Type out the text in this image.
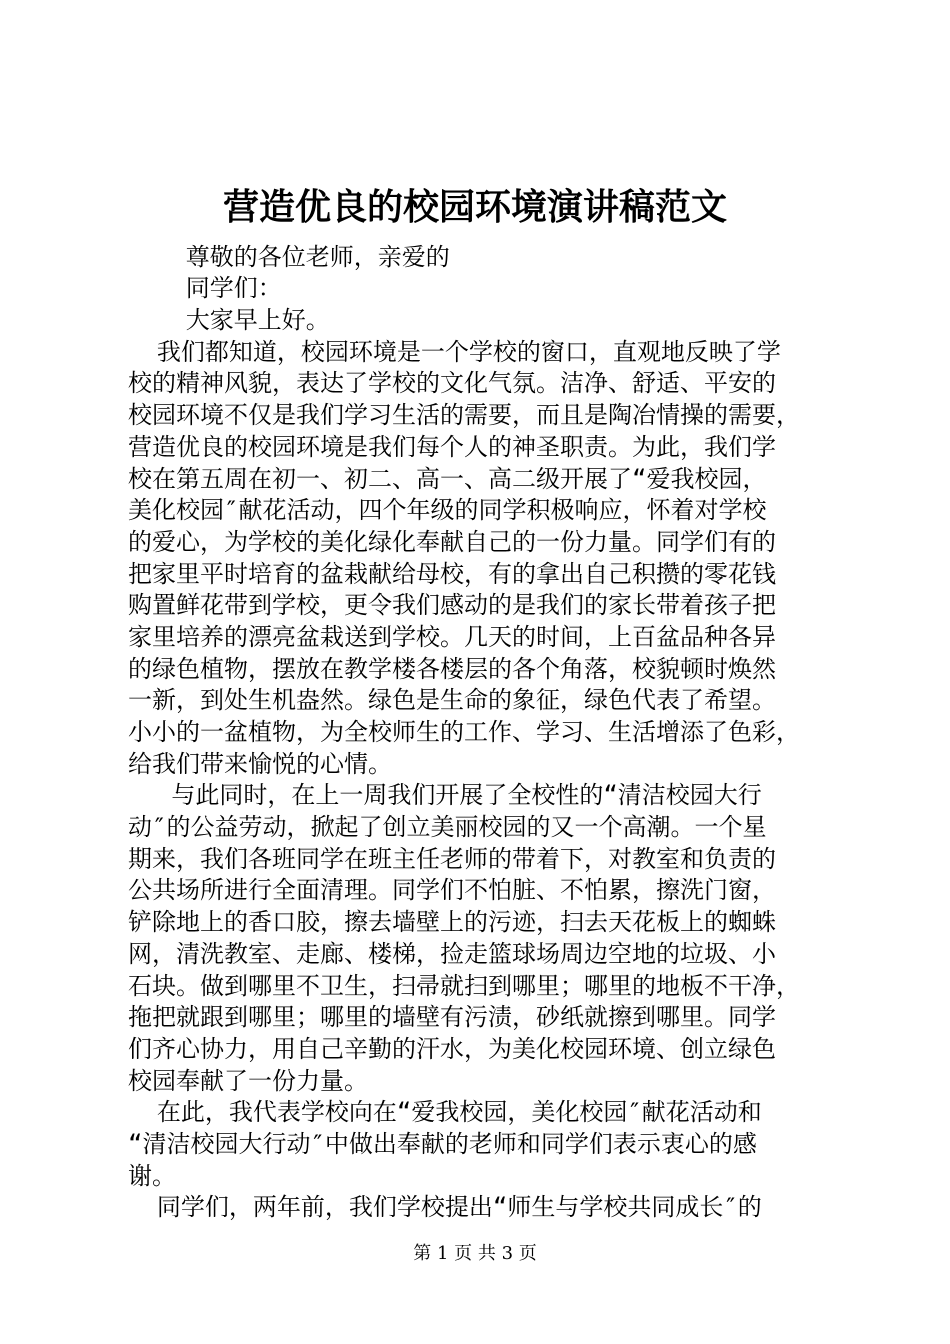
营造优良的校园环境演讲稿范文
尊敬的各位老师，亲爱的
同学们：
大家早上好。
我们都知道，校园环境是一个学校的窗口，直观地反映了学
校的精神风貌，表达了学校的文化气氛。洁净、舒适、平安的
校园环境不仅是我们学习生活的需要，而且是陶冶情操的需要，
营造优良的校园环境是我们每个人的神圣职责。为此，我们学
校在第五周在初一、初二、高一、高二级开展了“爱我校园，
美化校园″献花活动，四个年级的同学积极响应，怀着对学校
的爱心，为学校的美化绿化奉献自己的一份力量。同学们有的
把家里平时培育的盆栽献给母校，有的拿出自己积攒的零花钱
购置鲜花带到学校，更令我们感动的是我们的家长带着孩子把
家里培养的漂亮盆栽送到学校。几天的时间，上百盆品种各异
的绿色植物，摆放在教学楼各楼层的各个角落，校貌顿时焕然
一新，到处生机盎然。绿色是生命的象征，绿色代表了希望。
小小的一盆植物，为全校师生的工作、学习、生活增添了色彩，
给我们带来愉悦的心情。
与此同时，在上一周我们开展了全校性的“清洁校园大行
动″的公益劳动，掀起了创立美丽校园的又一个高潮。一个星
期来，我们各班同学在班主任老师的带着下，对教室和负责的
公共场所进行全面清理。同学们不怕脏、不怕累，擦洗门窗，
铲除地上的香口胶，擦去墙壁上的污迹，扫去天花板上的蜘蛛
网，清洗教室、走廊、楼梯，捡走篮球场周边空地的垃圾、小
石块。做到哪里不卫生，扫帚就扫到哪里；哪里的地板不干净，
拖把就跟到哪里；哪里的墙壁有污渍，砂纸就擦到哪里。同学
们齐心协力，用自己辛勤的汗水，为美化校园环境、创立绿色
校园奉献了一份力量。
在此，我代表学校向在“爱我校园，美化校园″献花活动和
“清洁校园大行动″中做出奉献的老师和同学们表示衷心的感
谢。
同学们，两年前，我们学校提出“师生与学校共同成长″的
第 1 页 共 3 页
